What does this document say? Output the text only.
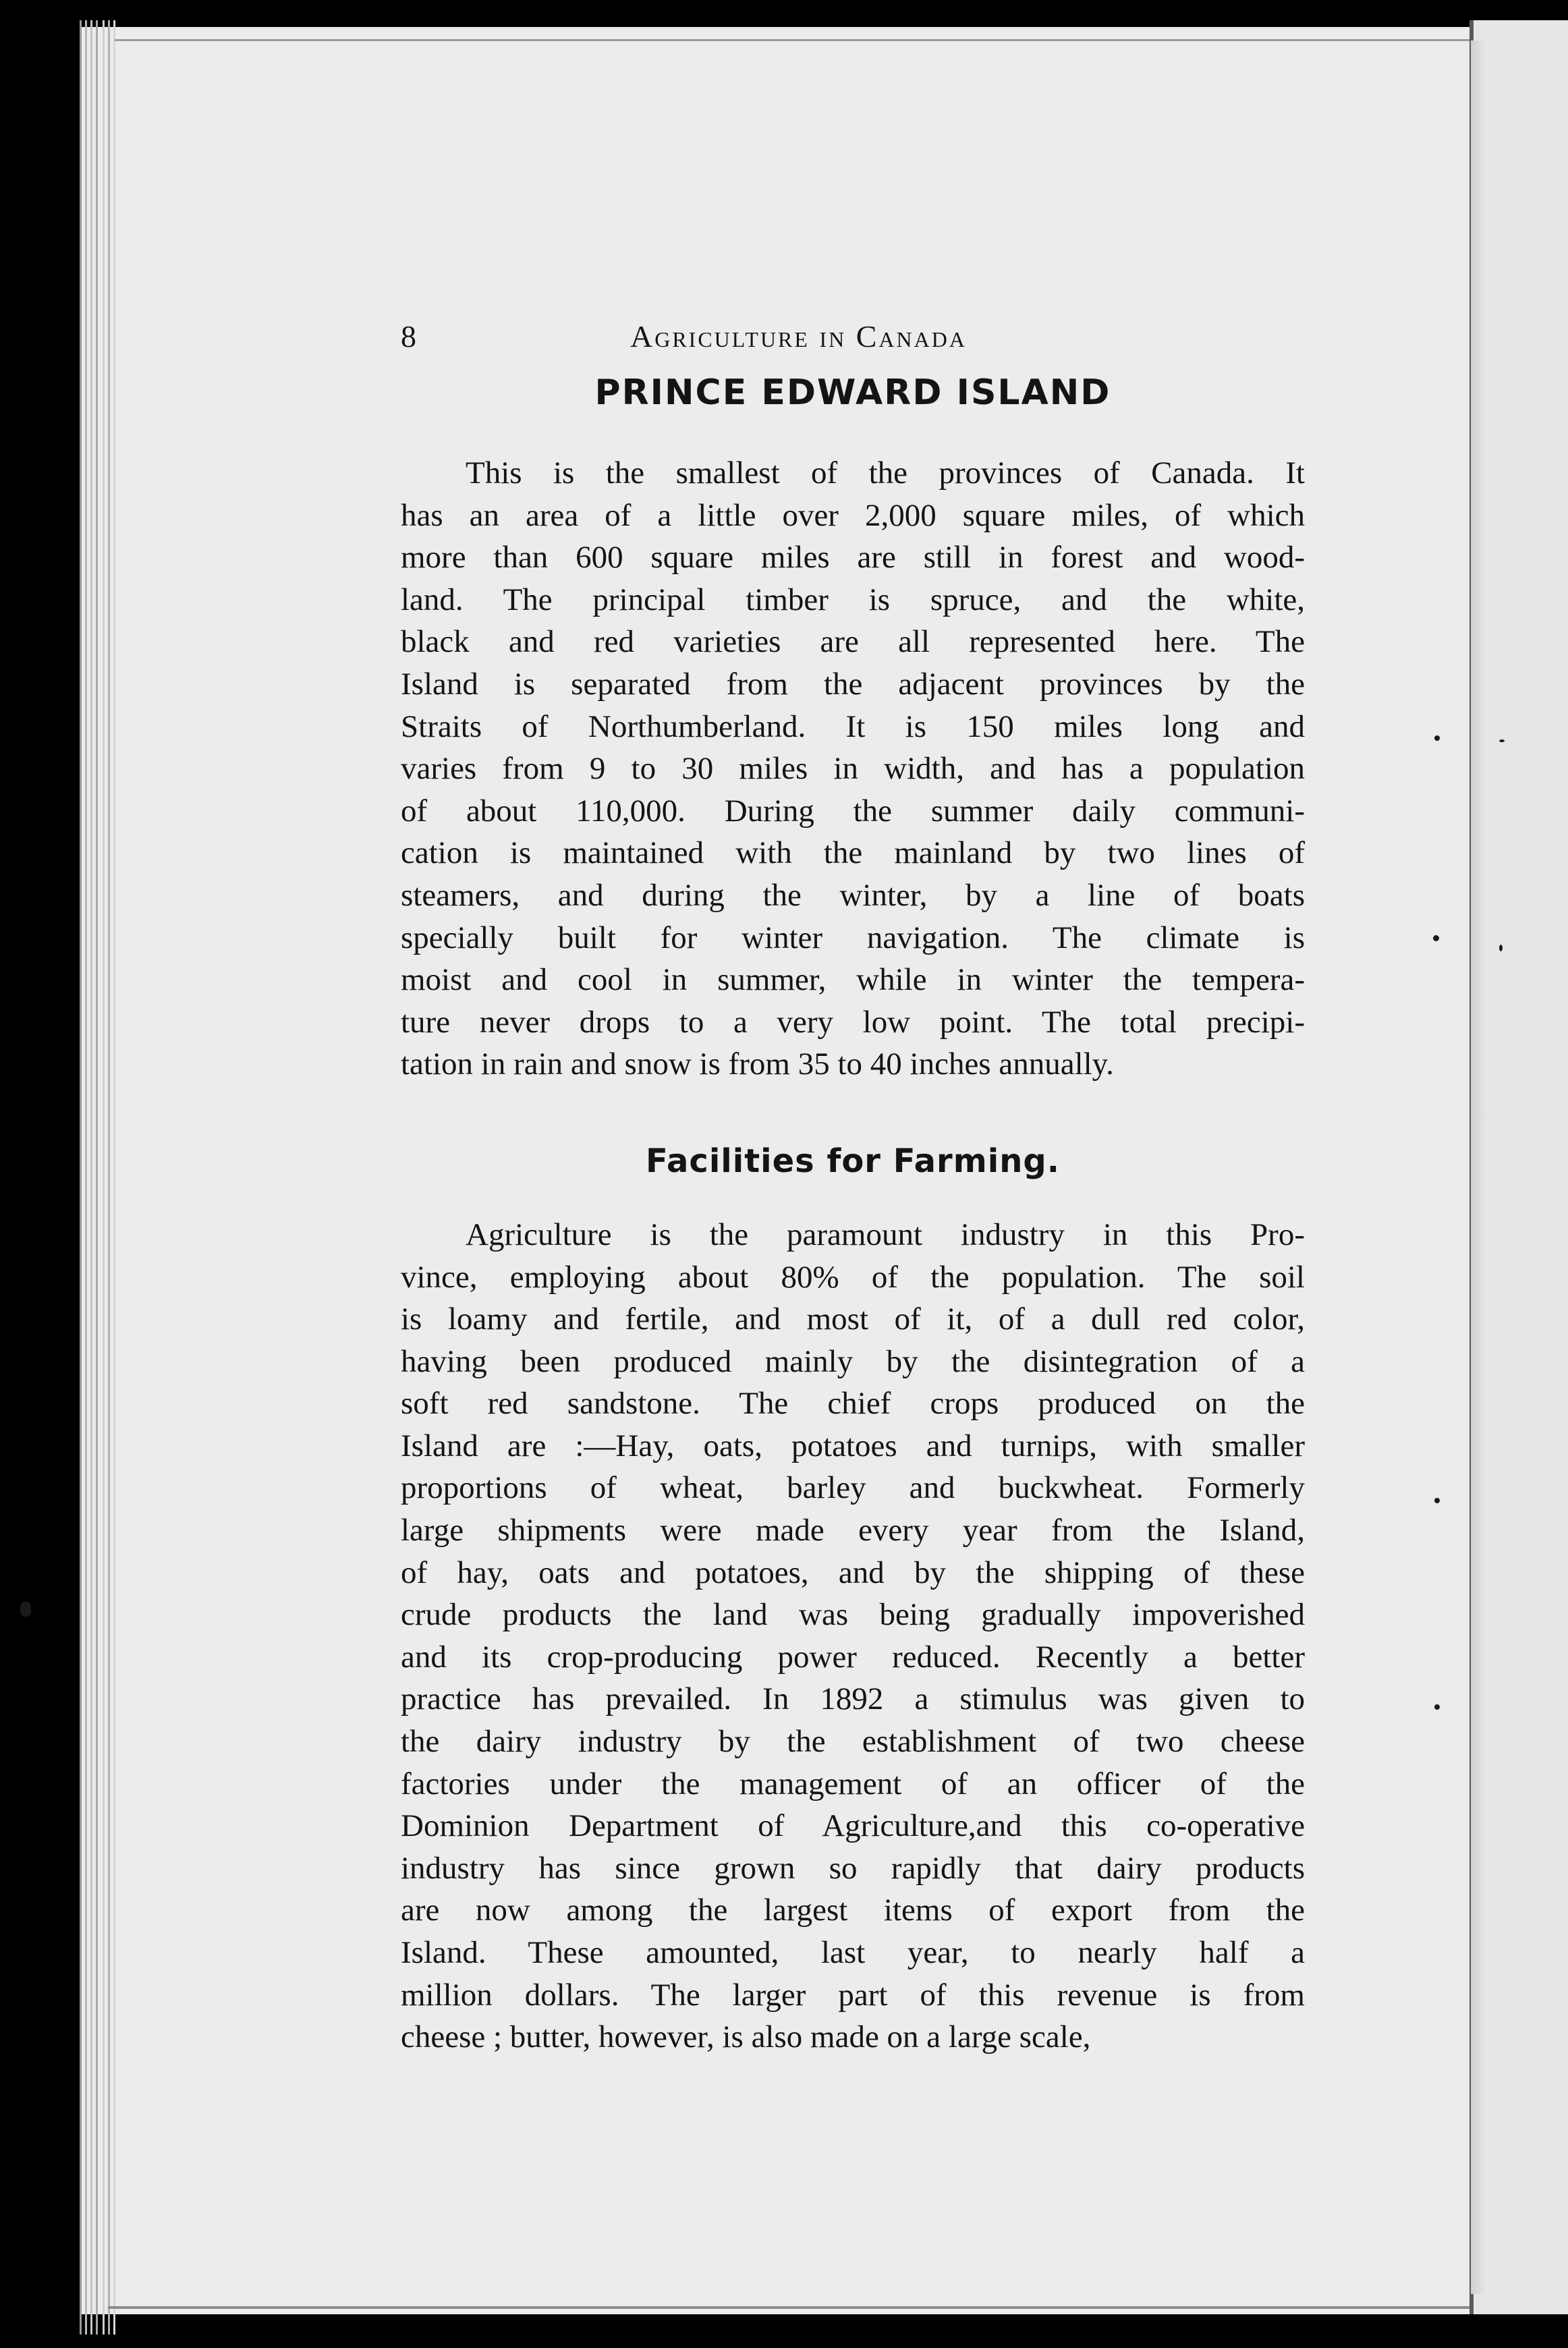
8	Agriculture in Canada
PRINCE EDWARD ISLAND
This is the smallest of the provinces of Canada. It
has an area of a little over 2,000 square miles, of which
more than 600 square miles are still in forest and wood-
land. The principal timber is spruce, and the white,
black and red varieties are all represented here. The
Island is separated from the adjacent provinces by the
Straits of Northumberland. It is 150 miles long and
varies from 9 to 30 miles in width, and has a population
of about 110,000. During the summer daily communi-
cation is maintained with the mainland by two lines of
steamers, and during the winter, by a line of boats
specially built for winter navigation. The climate is
moist and cool in summer, while in winter the tempera-
ture never drops to a very low point. The total precipi-
tation in rain and snow is from 35 to 40 inches annually.
Facilities for Farming.
Agriculture is the paramount industry in this Pro-
vince, employing about 80% of the population. The soil
is loamy and fertile, and most of it, of a dull red color,
having been produced mainly by the disintegration of a
soft red sandstone. The chief crops produced on the
Island are :—Hay, oats, potatoes and turnips, with smaller
proportions of wheat, barley and buckwheat. Formerly
large shipments were made every year from the Island,
of hay, oats and potatoes, and by the shipping of these
crude products the land was being gradually impoverished
and its crop-producing power reduced. Recently a better
practice has prevailed. In 1892 a stimulus was given to
the dairy industry by the establishment of two cheese
factories under the management of an officer of the
Dominion Department of Agriculture,and this co-operative
industry has since grown so rapidly that dairy products
are now among the largest items of export from the
Island. These amounted, last year, to nearly half a
million dollars. The larger part of this revenue is from
cheese ; butter, however, is also made on a large scale,
